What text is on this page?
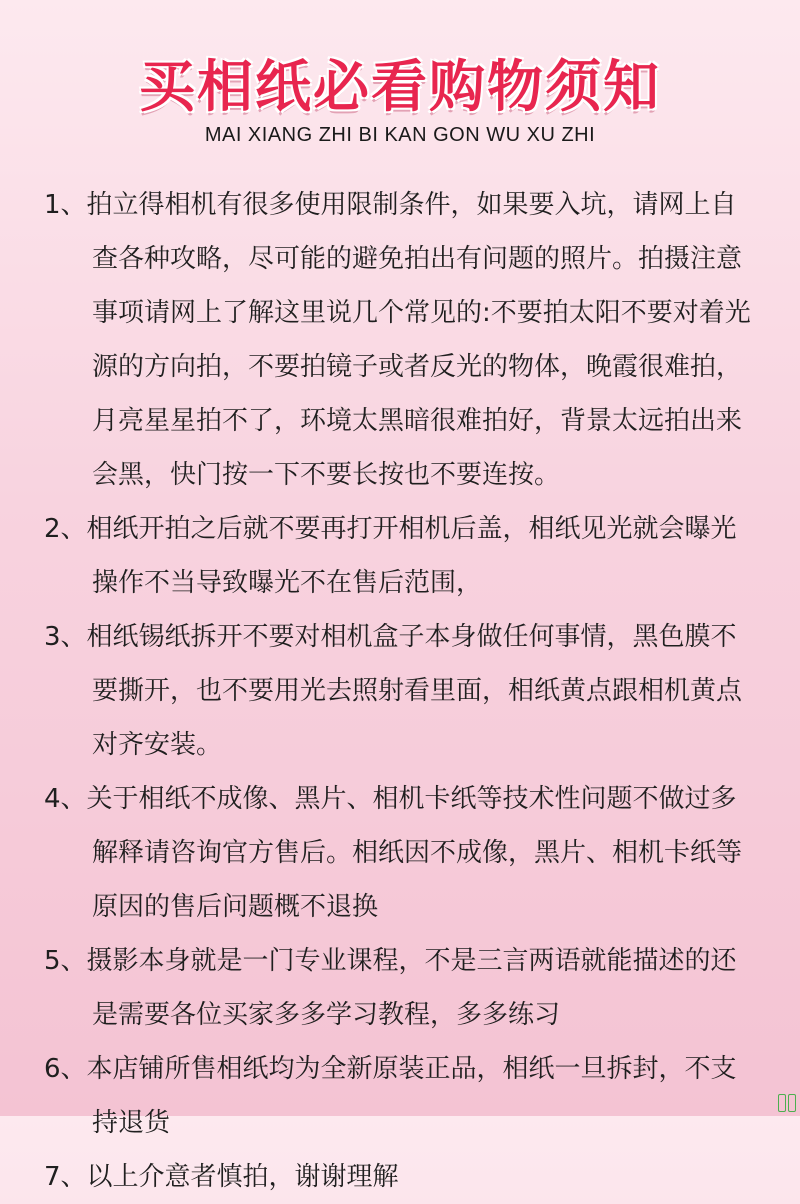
买相纸必看购物须知
MAI XIANG ZHI BI KAN GON WU XU ZHI
1、拍立得相机有很多使用限制条件，如果要入坑，请网上自查各种攻略，尽可能的避免拍出有问题的照片。拍摄注意事项请网上了解这里说几个常见的:不要拍太阳不要对着光源的方向拍，不要拍镜子或者反光的物体，晚霞很难拍，月亮星星拍不了，环境太黑暗很难拍好，背景太远拍出来会黑，快门按一下不要长按也不要连按。
2、相纸开拍之后就不要再打开相机后盖，相纸见光就会曝光操作不当导致曝光不在售后范围，
3、相纸锡纸拆开不要对相机盒子本身做任何事情，黑色膜不要撕开，也不要用光去照射看里面，相纸黄点跟相机黄点对齐安装。
4、关于相纸不成像、黑片、相机卡纸等技术性问题不做过多解释请咨询官方售后。相纸因不成像，黑片、相机卡纸等原因的售后问题概不退换
5、摄影本身就是一门专业课程，不是三言两语就能描述的还是需要各位买家多多学习教程，多多练习
6、本店铺所售相纸均为全新原装正品，相纸一旦拆封，不支持退货
7、以上介意者慎拍，谢谢理解
